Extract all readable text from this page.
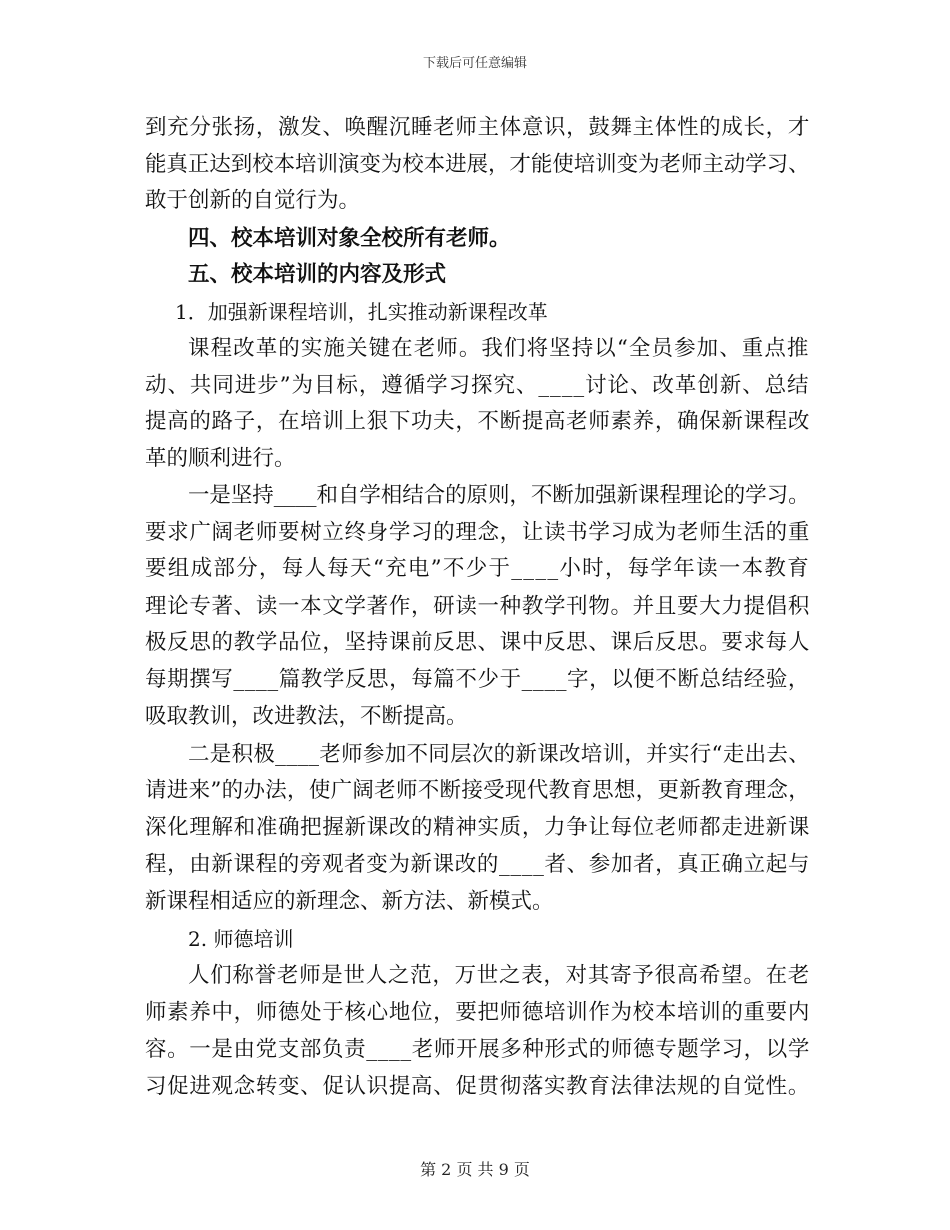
下载后可任意编辑
到充分张扬，激发、唤醒沉睡老师主体意识，鼓舞主体性的成长，才
能真正达到校本培训演变为校本进展，才能使培训变为老师主动学习、
敢于创新的自觉行为。
四、校本培训对象全校所有老师。
五、校本培训的内容及形式
1．加强新课程培训，扎实推动新课程改革
课程改革的实施关键在老师。我们将坚持以“全员参加、重点推
动、共同进步”为目标，遵循学习探究、____讨论、改革创新、总结
提高的路子，在培训上狠下功夫，不断提高老师素养，确保新课程改
革的顺利进行。
一是坚持____和自学相结合的原则，不断加强新课程理论的学习。
要求广阔老师要树立终身学习的理念，让读书学习成为老师生活的重
要组成部分，每人每天“充电”不少于____小时，每学年读一本教育
理论专著、读一本文学著作，研读一种教学刊物。并且要大力提倡积
极反思的教学品位，坚持课前反思、课中反思、课后反思。要求每人
每期撰写____篇教学反思，每篇不少于____字，以便不断总结经验，
吸取教训，改进教法，不断提高。
二是积极____老师参加不同层次的新课改培训，并实行“走出去、
请进来”的办法，使广阔老师不断接受现代教育思想，更新教育理念，
深化理解和准确把握新课改的精神实质，力争让每位老师都走进新课
程，由新课程的旁观者变为新课改的____者、参加者，真正确立起与
新课程相适应的新理念、新方法、新模式。
2. 师德培训
人们称誉老师是世人之范，万世之表，对其寄予很高希望。在老
师素养中，师德处于核心地位，要把师德培训作为校本培训的重要内
容。一是由党支部负责____老师开展多种形式的师德专题学习，以学
习促进观念转变、促认识提高、促贯彻落实教育法律法规的自觉性。
第 2 页 共 9 页
